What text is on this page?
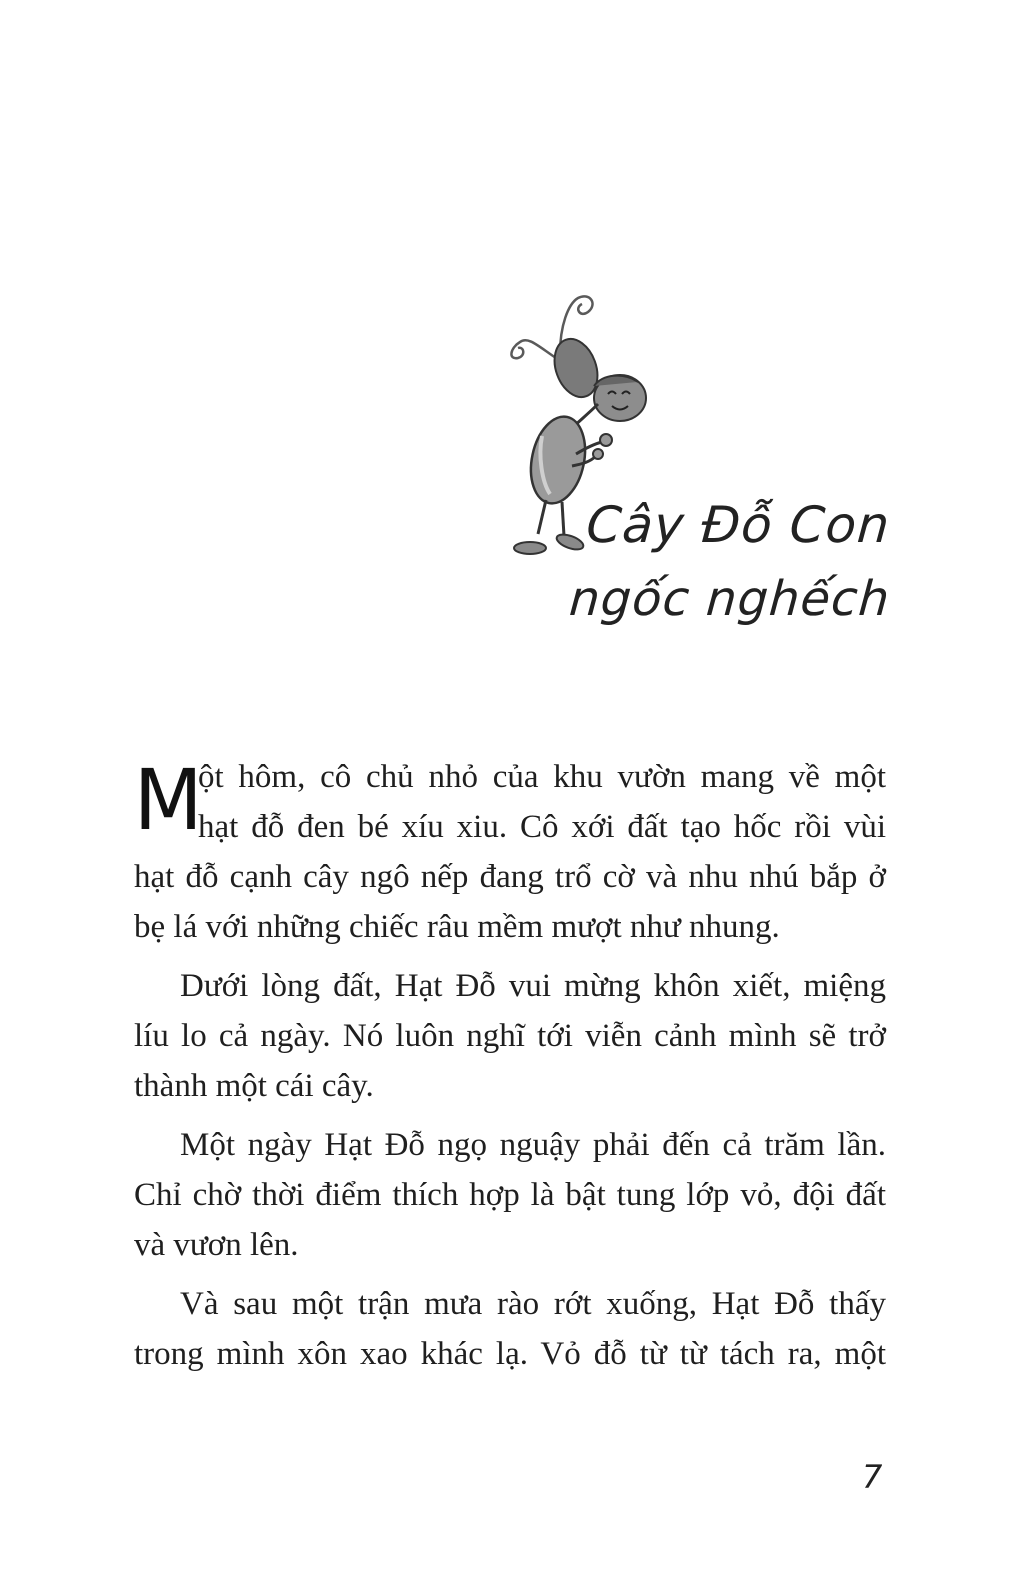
Cây Đỗ Con
ngốc nghếch

M
ột hôm, cô chủ nhỏ của khu vườn mang về một
hạt đỗ đen bé xíu xiu. Cô xới đất tạo hốc rồi vùi
hạt đỗ cạnh cây ngô nếp đang trổ cờ và nhu nhú bắp ở
bẹ lá với những chiếc râu mềm mượt như nhung.

Dưới lòng đất, Hạt Đỗ vui mừng khôn xiết, miệng
líu lo cả ngày. Nó luôn nghĩ tới viễn cảnh mình sẽ trở
thành một cái cây.

Một ngày Hạt Đỗ ngọ nguậy phải đến cả trăm lần.
Chỉ chờ thời điểm thích hợp là bật tung lớp vỏ, đội đất
và vươn lên.

Và sau một trận mưa rào rớt xuống, Hạt Đỗ thấy
trong mình xôn xao khác lạ. Vỏ đỗ từ từ tách ra, một

7
